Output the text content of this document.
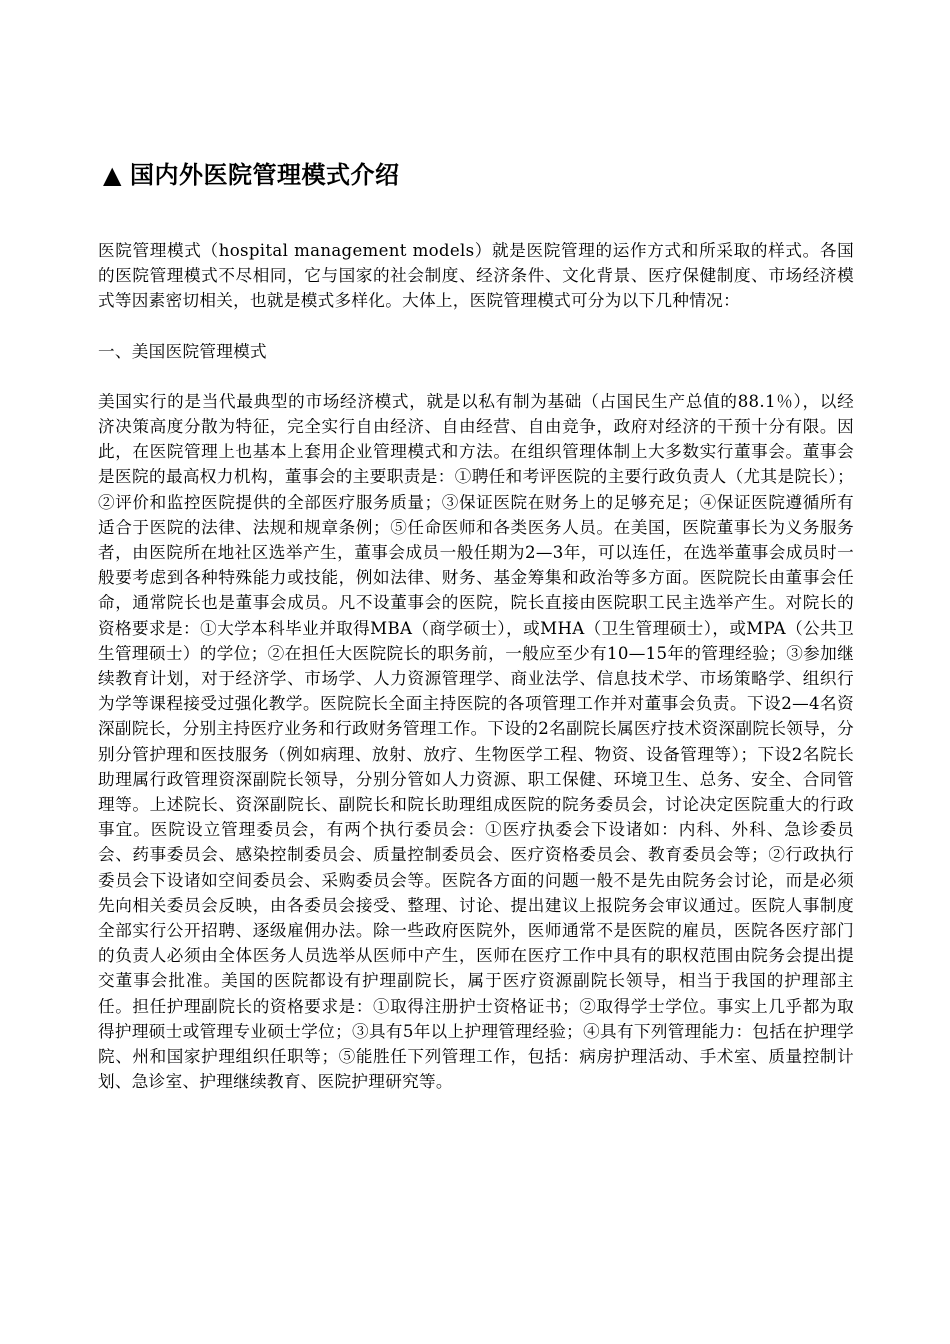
▲ 国内外医院管理模式介绍

医院管理模式（hospital management models）就是医院管理的运作方式和所采取的样式。各国的医院管理模式不尽相同，它与国家的社会制度、经济条件、文化背景、医疗保健制度、市场经济模式等因素密切相关，也就是模式多样化。大体上，医院管理模式可分为以下几种情况：

一、美国医院管理模式

美国实行的是当代最典型的市场经济模式，就是以私有制为基础（占国民生产总值的88.1％），以经济决策高度分散为特征，完全实行自由经济、自由经营、自由竞争，政府对经济的干预十分有限。因此，在医院管理上也基本上套用企业管理模式和方法。在组织管理体制上大多数实行董事会。董事会是医院的最高权力机构，董事会的主要职责是：①聘任和考评医院的主要行政负责人（尤其是院长）；②评价和监控医院提供的全部医疗服务质量；③保证医院在财务上的足够充足；④保证医院遵循所有适合于医院的法律、法规和规章条例；⑤任命医师和各类医务人员。在美国，医院董事长为义务服务者，由医院所在地社区选举产生，董事会成员一般任期为2—3年，可以连任，在选举董事会成员时一般要考虑到各种特殊能力或技能，例如法律、财务、基金筹集和政治等多方面。医院院长由董事会任命，通常院长也是董事会成员。凡不设董事会的医院，院长直接由医院职工民主选举产生。对院长的资格要求是：①大学本科毕业并取得MBA（商学硕士），或MHA（卫生管理硕士），或MPA（公共卫生管理硕士）的学位；②在担任大医院院长的职务前，一般应至少有10—15年的管理经验；③参加继续教育计划，对于经济学、市场学、人力资源管理学、商业法学、信息技术学、市场策略学、组织行为学等课程接受过强化教学。医院院长全面主持医院的各项管理工作并对董事会负责。下设2—4名资深副院长，分别主持医疗业务和行政财务管理工作。下设的2名副院长属医疗技术资深副院长领导，分别分管护理和医技服务（例如病理、放射、放疗、生物医学工程、物资、设备管理等）；下设2名院长助理属行政管理资深副院长领导，分别分管如人力资源、职工保健、环境卫生、总务、安全、合同管理等。上述院长、资深副院长、副院长和院长助理组成医院的院务委员会，讨论决定医院重大的行政事宜。医院设立管理委员会，有两个执行委员会：①医疗执委会下设诸如：内科、外科、急诊委员会、药事委员会、感染控制委员会、质量控制委员会、医疗资格委员会、教育委员会等；②行政执行委员会下设诸如空间委员会、采购委员会等。医院各方面的问题一般不是先由院务会讨论，而是必须先向相关委员会反映，由各委员会接受、整理、讨论、提出建议上报院务会审议通过。医院人事制度全部实行公开招聘、逐级雇佣办法。除一些政府医院外，医师通常不是医院的雇员，医院各医疗部门的负责人必须由全体医务人员选举从医师中产生，医师在医疗工作中具有的职权范围由院务会提出提交董事会批准。美国的医院都设有护理副院长，属于医疗资源副院长领导，相当于我国的护理部主任。担任护理副院长的资格要求是：①取得注册护士资格证书；②取得学士学位。事实上几乎都为取得护理硕士或管理专业硕士学位；③具有5年以上护理管理经验；④具有下列管理能力：包括在护理学院、州和国家护理组织任职等；⑤能胜任下列管理工作，包括：病房护理活动、手术室、质量控制计划、急诊室、护理继续教育、医院护理研究等。
